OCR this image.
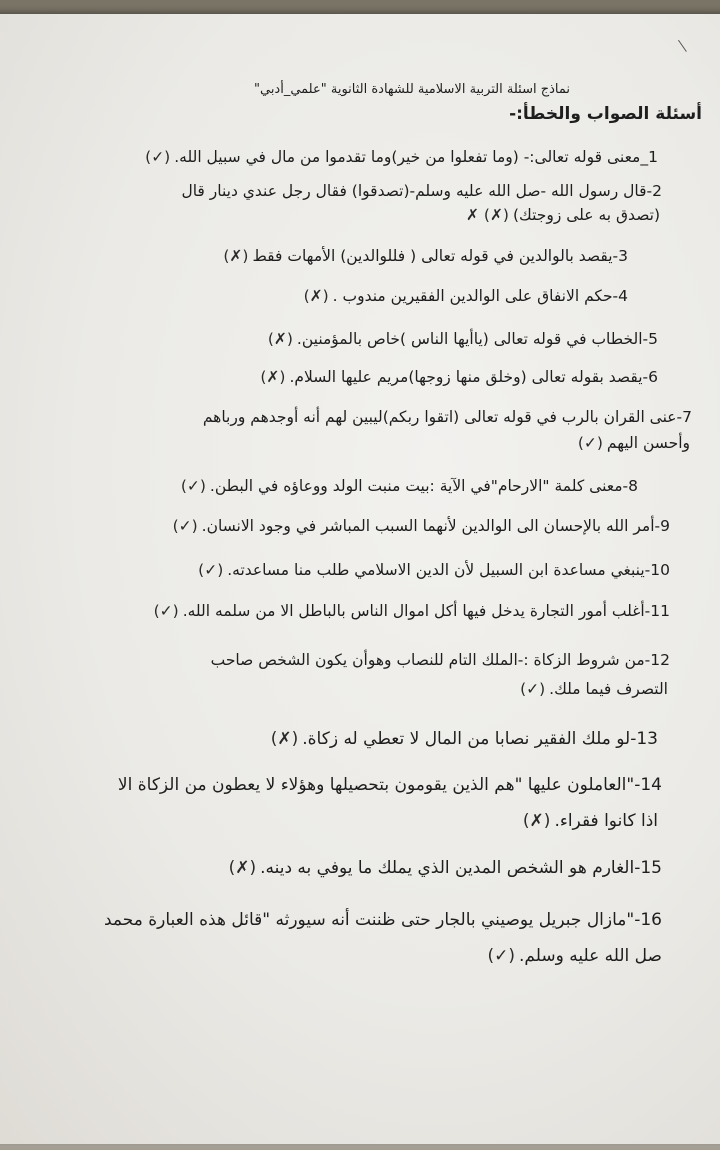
نماذج اسئلة التربية الاسلامية للشهادة الثانوية "علمي_أدبي"
أسئلة الصواب والخطأ:-
1_معنى قوله تعالى:- (وما تفعلوا من خير)وما تقدموا من مال في سبيل الله.(✓)
2-قال رسول الله -صل الله عليه وسلم-(تصدقوا) فقال رجل عندي دينار قال
(تصدق به على زوجتك)(✗) ✗
3-يقصد بالوالدين في قوله تعالى ( فللوالدين) الأمهات فقط(✗)
4-حكم الانفاق على الوالدين الفقيرين مندوب .(✗)
5-الخطاب في قوله تعالى (ياأيها الناس )خاص بالمؤمنين.(✗)
6-يقصد بقوله تعالى (وخلق منها زوجها)مريم عليها السلام.(✗)
7-عنى القران بالرب في قوله تعالى (اتقوا ربكم)ليبين لهم أنه أوجدهم ورباهم
وأحسن اليهم(✓)
8-معنى كلمة "الارحام"في الآية :بيت منبت الولد ووعاؤه في البطن.(✓)
9-أمر الله بالإحسان الى الوالدين لأنهما السبب المباشر في وجود الانسان.(✓)
10-ينبغي مساعدة ابن السبيل لأن الدين الاسلامي طلب منا مساعدته.(✓)
11-أغلب أمور التجارة يدخل فيها أكل اموال الناس بالباطل الا من سلمه الله.(✓)
12-من شروط الزكاة :-الملك التام للنصاب وهوأن يكون الشخص صاحب
التصرف فيما ملك.(✓)
13-لو ملك الفقير نصابا من المال لا تعطي له زكاة.(✗)
14-"العاملون عليها "هم الذين يقومون بتحصيلها وهؤلاء لا يعطون من الزكاة الا
اذا كانوا فقراء.(✗)
15-الغارم هو الشخص المدين الذي يملك ما يوفي به دينه.(✗)
16-"مازال جبريل يوصيني بالجار حتى ظننت أنه سيورثه "قائل هذه العبارة محمد
صل الله عليه وسلم.(✓)
